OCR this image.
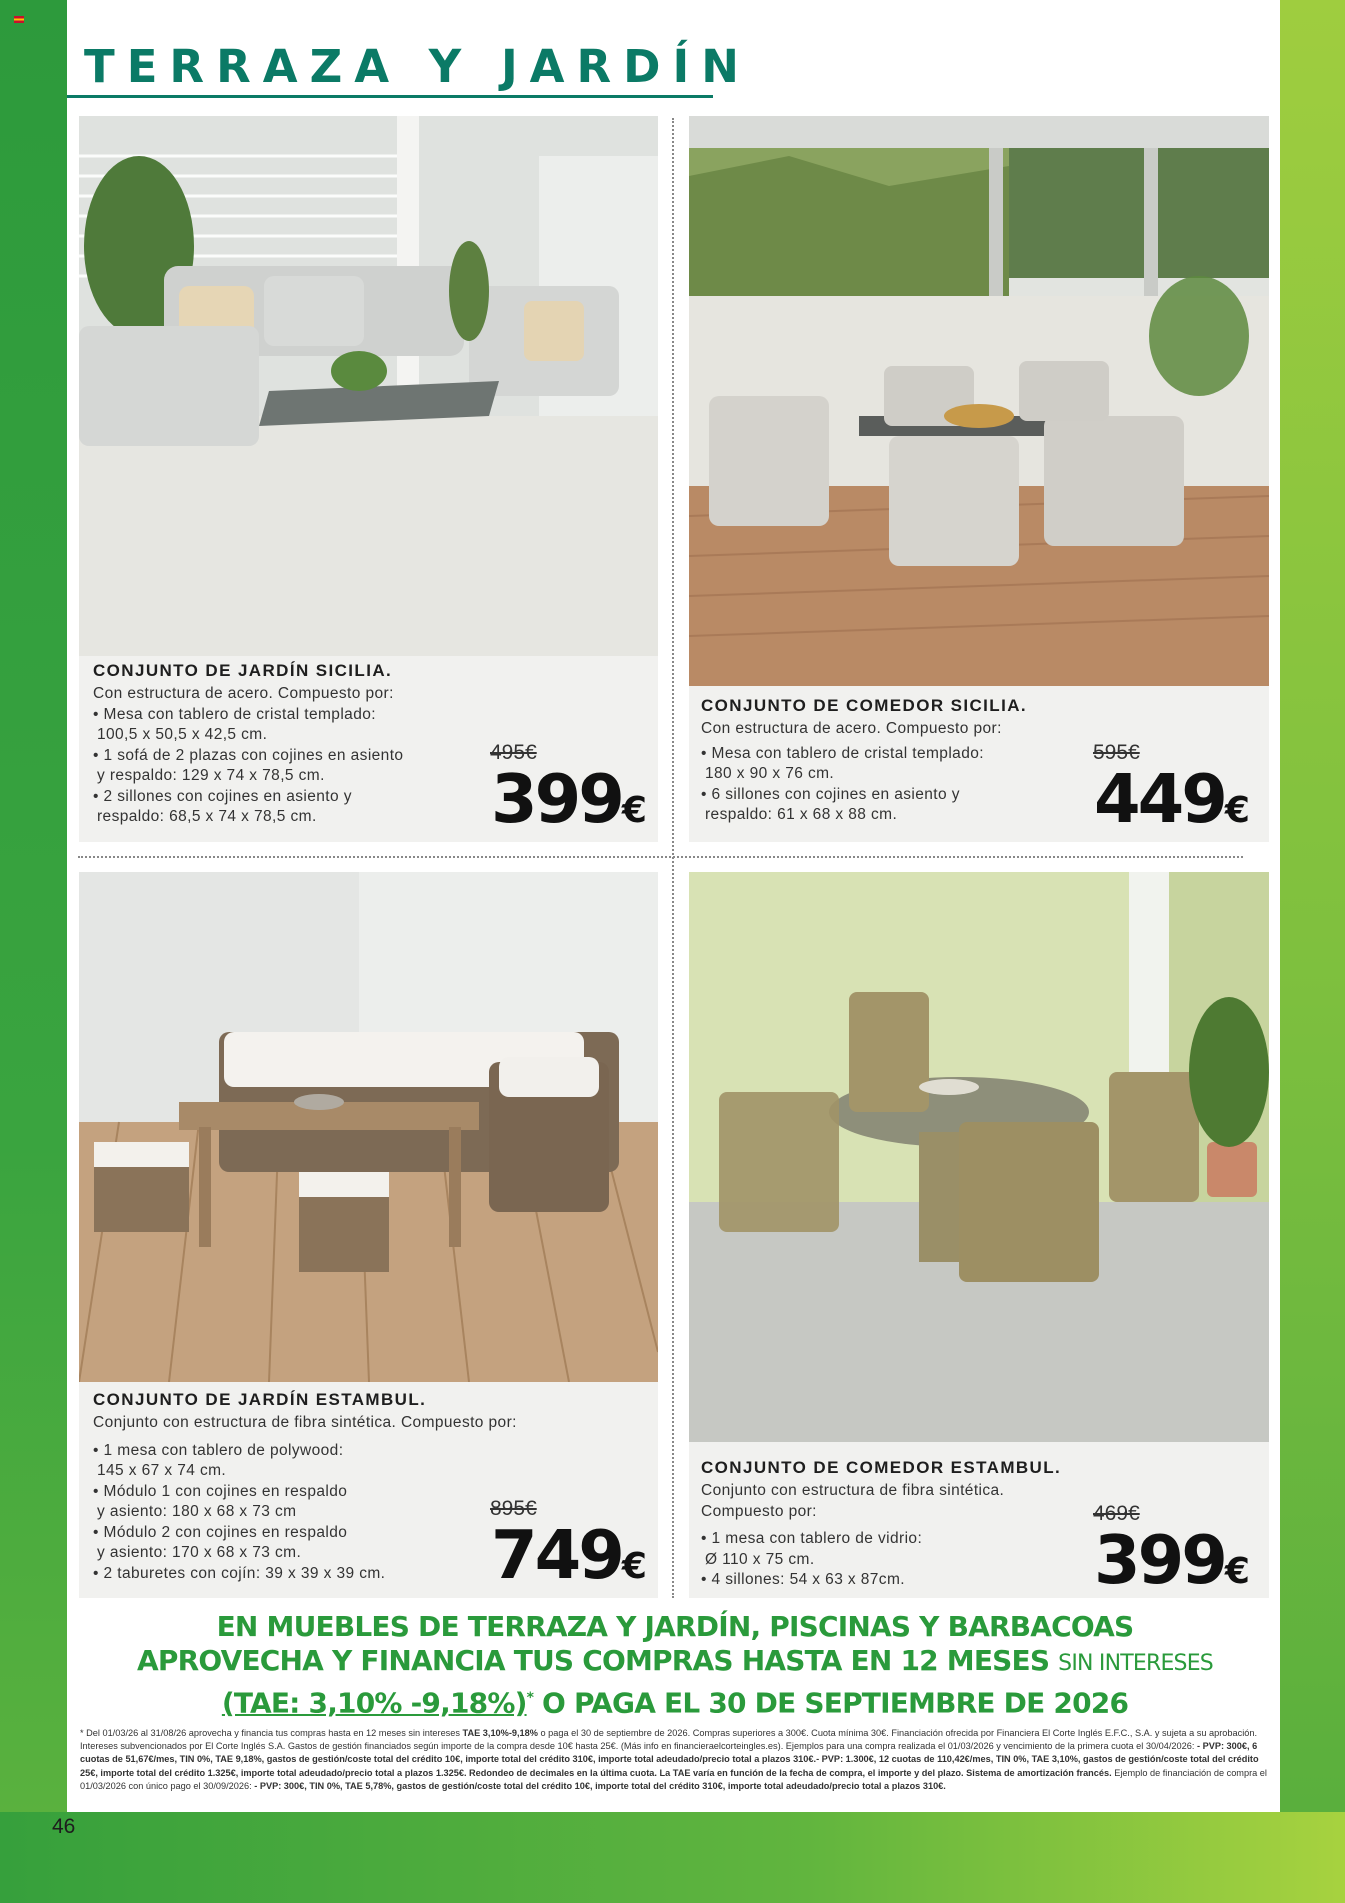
46
TERRAZA Y JARDÍN

CONJUNTO DE JARDÍN SICILIA.

Con estructura de acero. Compuesto por:
• Mesa con tablero de cristal templado:
100,5 x 50,5 x 42,5 cm.
• 1 sofá de 2 plazas con cojines en asiento
y respaldo: 129 x 74 x 78,5 cm.
• 2 sillones con cojines en asiento y
respaldo: 68,5 x 74 x 78,5 cm.
495€
399€

CONJUNTO DE COMEDOR SICILIA.

Con estructura de acero. Compuesto por:
• Mesa con tablero de cristal templado:
180 x 90 x 76 cm.
• 6 sillones con cojines en asiento y
respaldo: 61 x 68 x 88 cm.
595€
449€

CONJUNTO DE JARDÍN ESTAMBUL.

Conjunto con estructura de fibra sintética. Compuesto por:
• 1 mesa con tablero de polywood:
145 x 67 x 74 cm.
• Módulo 1 con cojines en respaldo
y asiento: 180 x 68 x 73 cm
• Módulo 2 con cojines en respaldo
y asiento: 170 x 68 x 73 cm.
• 2 taburetes con cojín: 39 x 39 x 39 cm.
895€
749€

CONJUNTO DE COMEDOR ESTAMBUL.

Conjunto con estructura de fibra sintética.
Compuesto por:
• 1 mesa con tablero de vidrio:
Ø 110 x 75 cm.
• 4 sillones: 54 x 63 x 87cm.
469€
399€
EN MUEBLES DE TERRAZA Y JARDÍN, PISCINAS Y BARBACOAS
APROVECHA Y FINANCIA TUS COMPRAS HASTA EN 12 MESES SIN INTERESES
(TAE: 3,10% -9,18%)* O PAGA EL 30 DE SEPTIEMBRE DE 2026
* Del 01/03/26 al 31/08/26 aprovecha y financia tus compras hasta en 12 meses sin intereses TAE 3,10%-9,18% o paga el 30 de septiembre de 2026. Compras superiores a 300€. Cuota mínima 30€. Financiación ofrecida por Financiera El Corte Inglés E.F.C., S.A. y sujeta a su aprobación. Intereses subvencionados por El Corte Inglés S.A. Gastos de gestión financiados según importe de la compra desde 10€ hasta 25€. (Más info en financieraelcorteingles.es). Ejemplos para una compra realizada el 01/03/2026 y vencimiento de la primera cuota el 30/04/2026: - PVP: 300€, 6 cuotas de 51,67€/mes, TIN 0%, TAE 9,18%, gastos de gestión/coste total del crédito 10€, importe total del crédito 310€, importe total adeudado/precio total a plazos 310€.- PVP: 1.300€, 12 cuotas de 110,42€/mes, TIN 0%, TAE 3,10%, gastos de gestión/coste total del crédito 25€, importe total del crédito 1.325€, importe total adeudado/precio total a plazos 1.325€. Redondeo de decimales en la última cuota. La TAE varía en función de la fecha de compra, el importe y del plazo. Sistema de amortización francés. Ejemplo de financiación de compra el 01/03/2026 con único pago el 30/09/2026: - PVP: 300€, TIN 0%, TAE 5,78%, gastos de gestión/coste total del crédito 10€, importe total del crédito 310€, importe total adeudado/precio total a plazos 310€.
